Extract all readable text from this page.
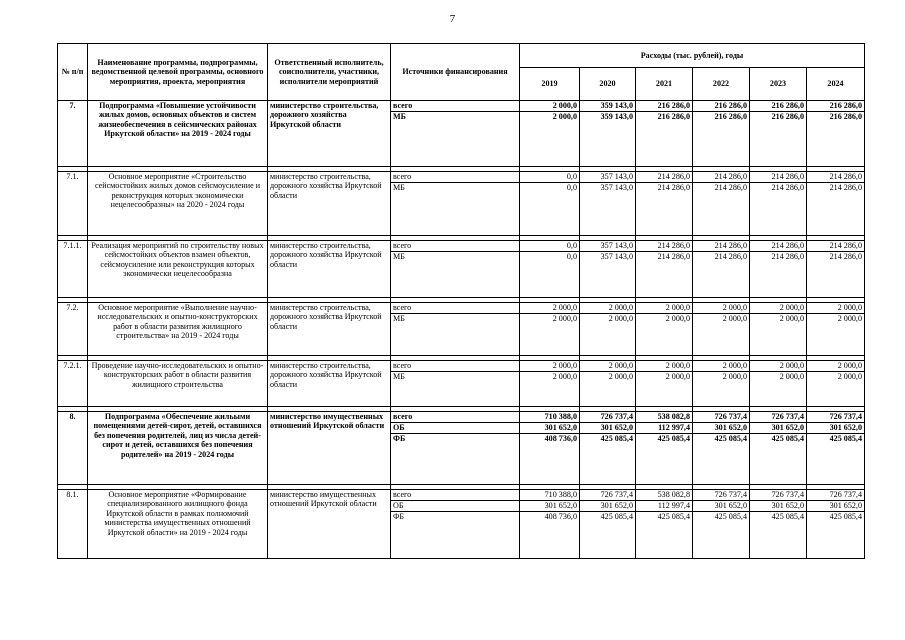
7
№ п/п	Наименование программы, подпрограммы, ведомственной целевой программы, основного мероприятия, проекта, мероприятия	Ответственный исполнитель, соисполнители, участники, исполнители мероприятий	Источники финансирования	Расходы (тыс. рублей), годы					
				2019	2020	2021	2022	2023	2024
7.	Подпрограмма «Повышение устойчивости жилых домов, основных объектов и систем жизнеобеспечения в сейсмических районах Иркутской области» на 2019 - 2024 годы	министерство строительства, дорожного хозяйства Иркутской области	всего	2 000,0	359 143,0	216 286,0	216 286,0	216 286,0	216 286,0
			МБ	2 000,0	359 143,0	216 286,0	216 286,0	216 286,0	216 286,0

7.1.	Основное мероприятие «Строительство сейсмостойких жилых домов сейсмоусиление и реконструкция которых экономически нецелесообразны» на 2020 - 2024 годы	министерство строительства, дорожного хозяйства Иркутской области	всего	0,0	357 143,0	214 286,0	214 286,0	214 286,0	214 286,0
			МБ	0,0	357 143,0	214 286,0	214 286,0	214 286,0	214 286,0

7.1.1.	Реализация мероприятий по строительству новых сейсмостойких объектов взамен объектов, сейсмоусиление или реконструкция которых экономически нецелесообразна	министерство строительства, дорожного хозяйства Иркутской области	всего	0,0	357 143,0	214 286,0	214 286,0	214 286,0	214 286,0
			МБ	0,0	357 143,0	214 286,0	214 286,0	214 286,0	214 286,0

7.2.	Основное мероприятие «Выполнение научно-исследовательских и опытно-конструкторских работ в области развития жилищного строительства» на 2019 - 2024 годы	министерство строительства, дорожного хозяйства Иркутской области	всего	2 000,0	2 000,0	2 000,0	2 000,0	2 000,0	2 000,0
			МБ	2 000,0	2 000,0	2 000,0	2 000,0	2 000,0	2 000,0

7.2.1.	Проведение научно-исследовательских и опытно-конструкторских работ в области развития жилищного строительства	министерство строительства, дорожного хозяйства Иркутской области	всего	2 000,0	2 000,0	2 000,0	2 000,0	2 000,0	2 000,0
			МБ	2 000,0	2 000,0	2 000,0	2 000,0	2 000,0	2 000,0

8.	Подпрограмма «Обеспечение жильыми помещениями детей-сирот, детей, оставшихся без попечения родителей, лиц из числа детей-сирот и детей, оставшихся без попечения родителей» на 2019 - 2024 годы	министерство имущественных отношений Иркутской области	всего	710 388,0	726 737,4	538 082,8	726 737,4	726 737,4	726 737,4
			ОБ	301 652,0	301 652,0	112 997,4	301 652,0	301 652,0	301 652,0
			ФБ	408 736,0	425 085,4	425 085,4	425 085,4	425 085,4	425 085,4

8.1.	Основное мероприятие «Формирование специализированного жилищного фонда Иркутской области в рамках полномочий министерства имущественных отношений Иркутской области» на 2019 - 2024 годы	министерство имущественных отношений Иркутской области	всего	710 388,0	726 737,4	538 082,8	726 737,4	726 737,4	726 737,4
			ОБ	301 652,0	301 652,0	112 997,4	301 652,0	301 652,0	301 652,0
			ФБ	408 736,0	425 085,4	425 085,4	425 085,4	425 085,4	425 085,4
